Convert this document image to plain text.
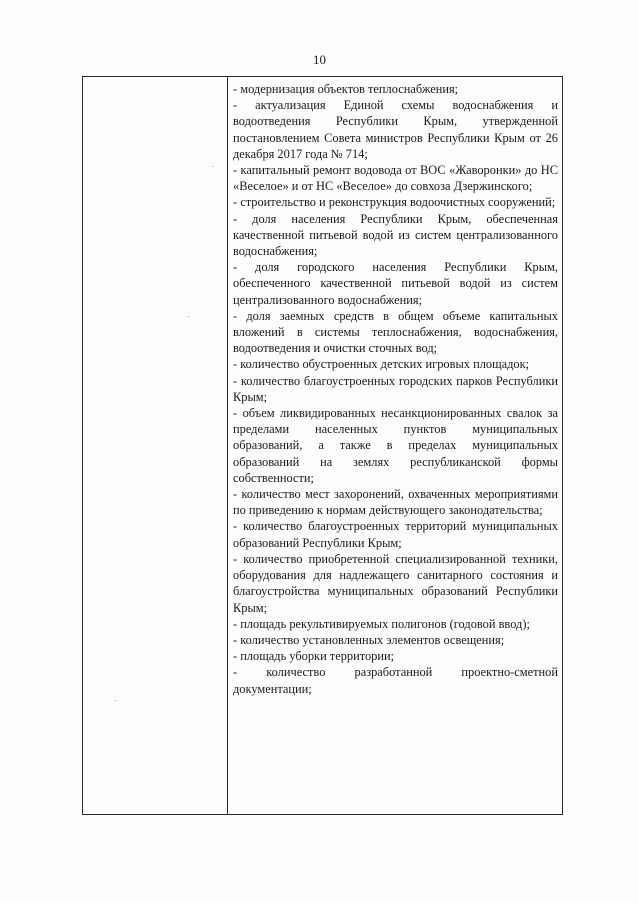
10
- модернизация объектов теплоснабжения;
- актуализация Единой схемы водоснабжения и водоотведения Республики Крым, утвержденной постановлением Совета министров Республики Крым от 26 декабря 2017 года № 714;
- капитальный ремонт водовода от ВОС «Жаворонки» до НС «Веселое» и от НС «Веселое» до совхоза Дзержинского;
- строительство и реконструкция водоочистных сооружений;
- доля населения Республики Крым, обеспеченная качественной питьевой водой из систем централизованного водоснабжения;
- доля городского населения Республики Крым, обеспеченного качественной питьевой водой из систем централизованного водоснабжения;
- доля заемных средств в общем объеме капитальных вложений в системы теплоснабжения, водоснабжения, водоотведения и очистки сточных вод;
- количество обустроенных детских игровых площадок;
- количество благоустроенных городских парков Республики Крым;
- объем ликвидированных несанкционированных свалок за пределами населенных пунктов муниципальных образований, а также в пределах муниципальных образований на землях республиканской формы собственности;
- количество мест захоронений, охваченных мероприятиями по приведению к нормам действующего законодательства;
- количество благоустроенных территорий муниципальных образований Республики Крым;
- количество приобретенной специализированной техники, оборудования для надлежащего санитарного состояния и благоустройства муниципальных образований Республики Крым;
- площадь рекультивируемых полигонов (годовой ввод);
- количество установленных элементов освещения;
- площадь уборки территории;
- количество разработанной проектно-сметной документации;
